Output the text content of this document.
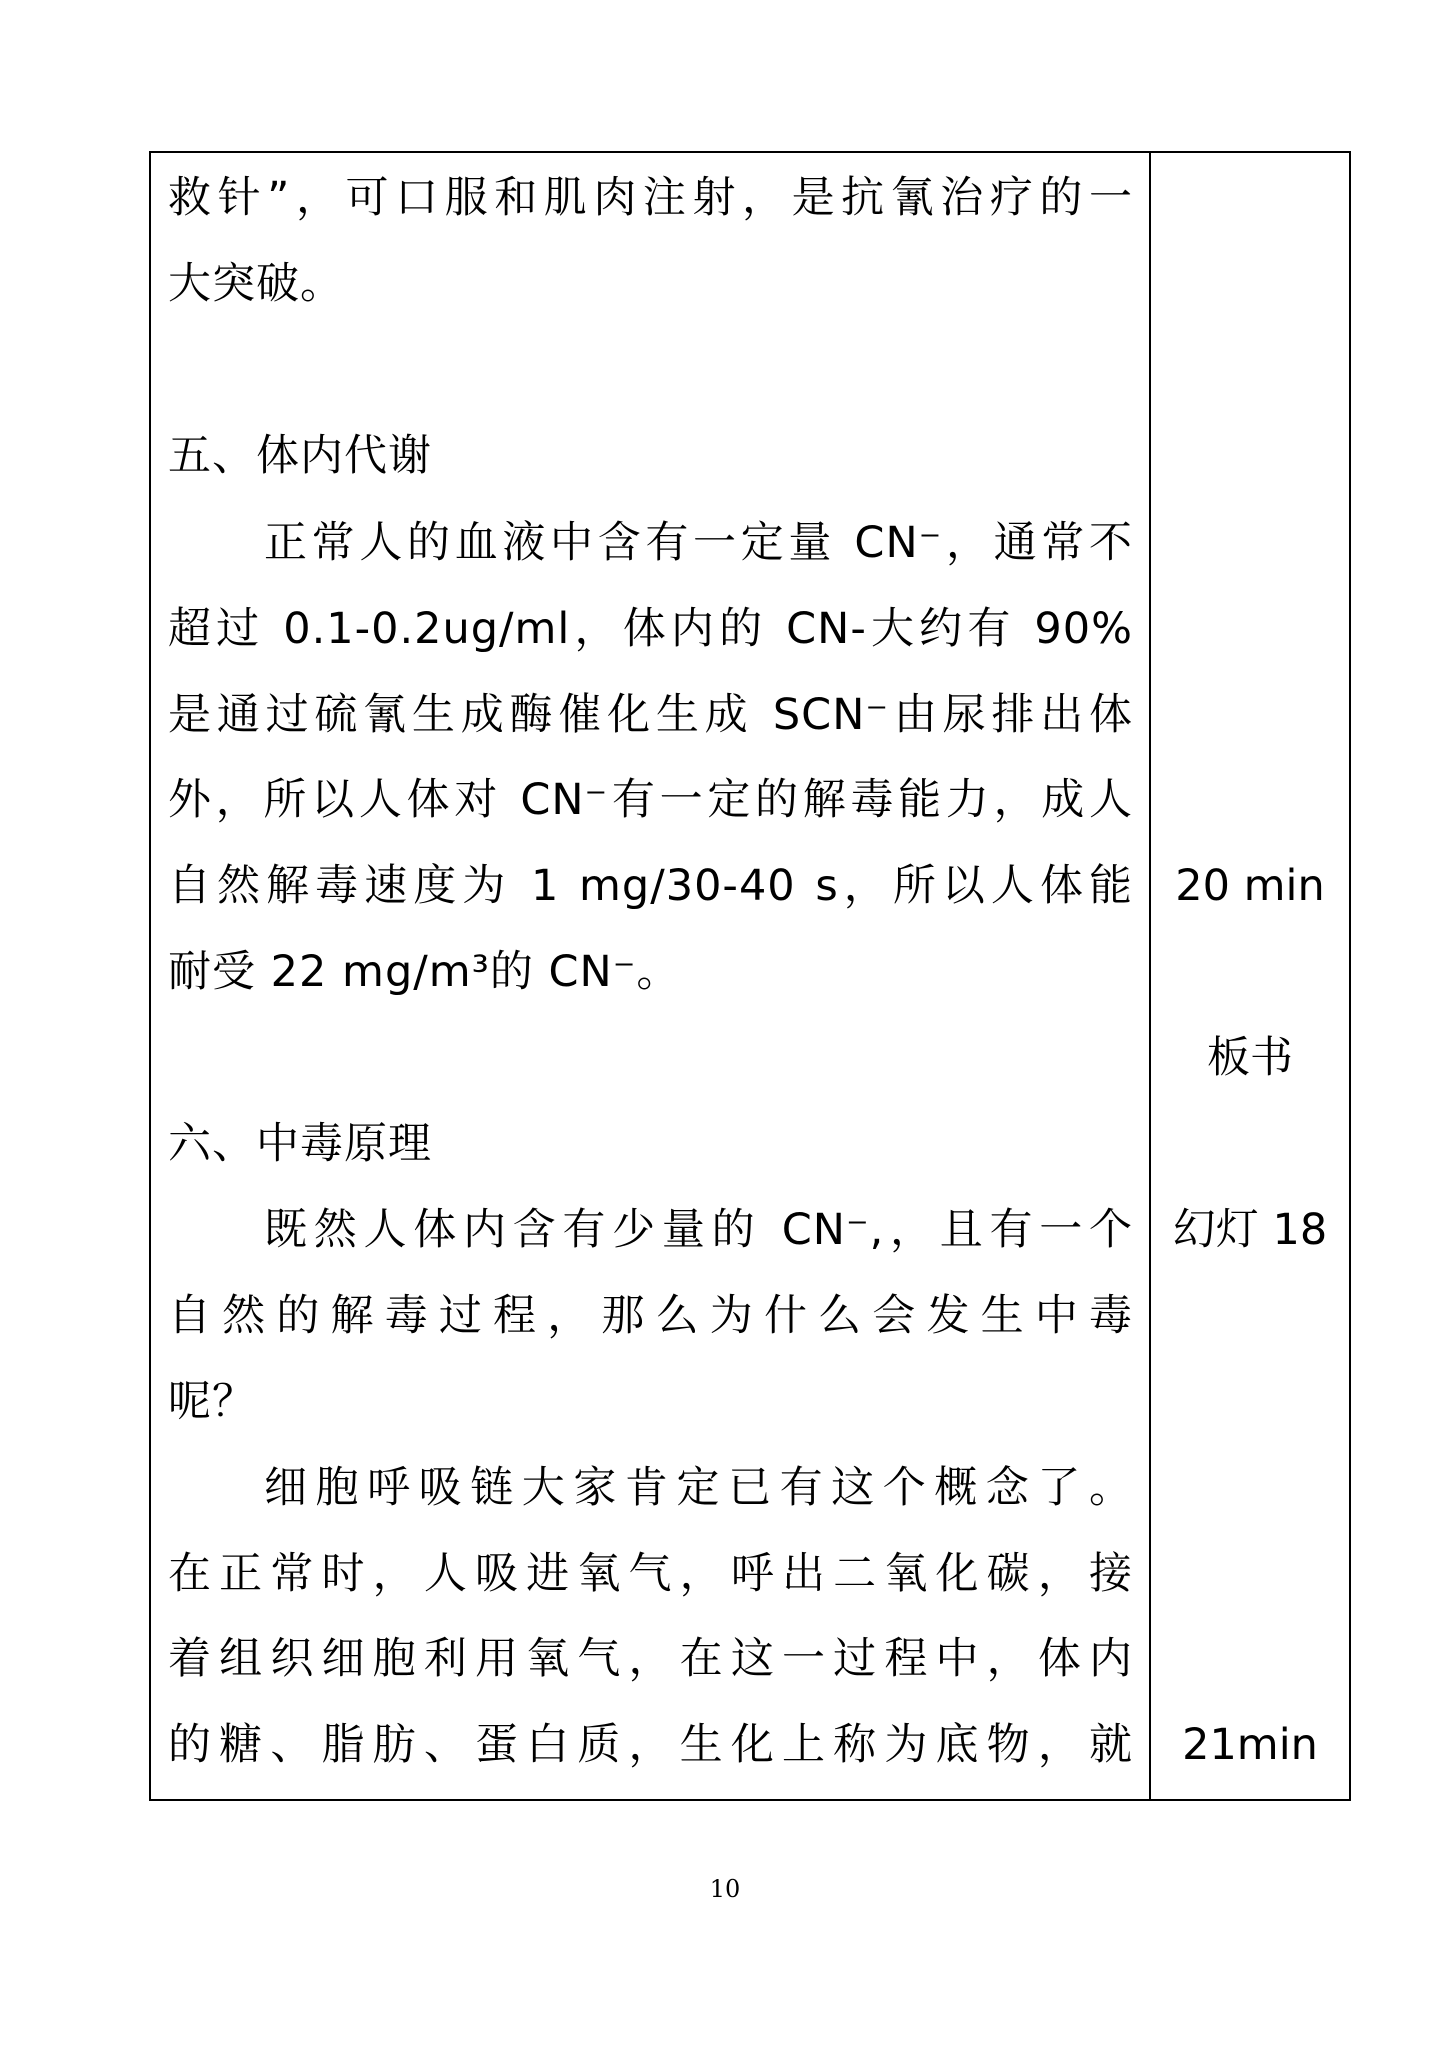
救针”，可口服和肌肉注射，是抗氰治疗的一
大突破。
五、体内代谢
正常人的血液中含有一定量 CN⁻，通常不
超过 0.1-0.2ug/ml，体内的 CN-大约有 90%
是通过硫氰生成酶催化生成 SCN⁻由尿排出体
外，所以人体对 CN⁻有一定的解毒能力，成人
自然解毒速度为 1 mg/30-40 s，所以人体能
耐受 22 mg/m³的 CN⁻。
六、中毒原理
既然人体内含有少量的 CN⁻,，且有一个
自然的解毒过程，那么为什么会发生中毒
呢？
细胞呼吸链大家肯定已有这个概念了。
在正常时，人吸进氧气，呼出二氧化碳，接
着组织细胞利用氧气，在这一过程中，体内
的糖、脂肪、蛋白质，生化上称为底物，就
20 min
板书
幻灯 18
21min
10
